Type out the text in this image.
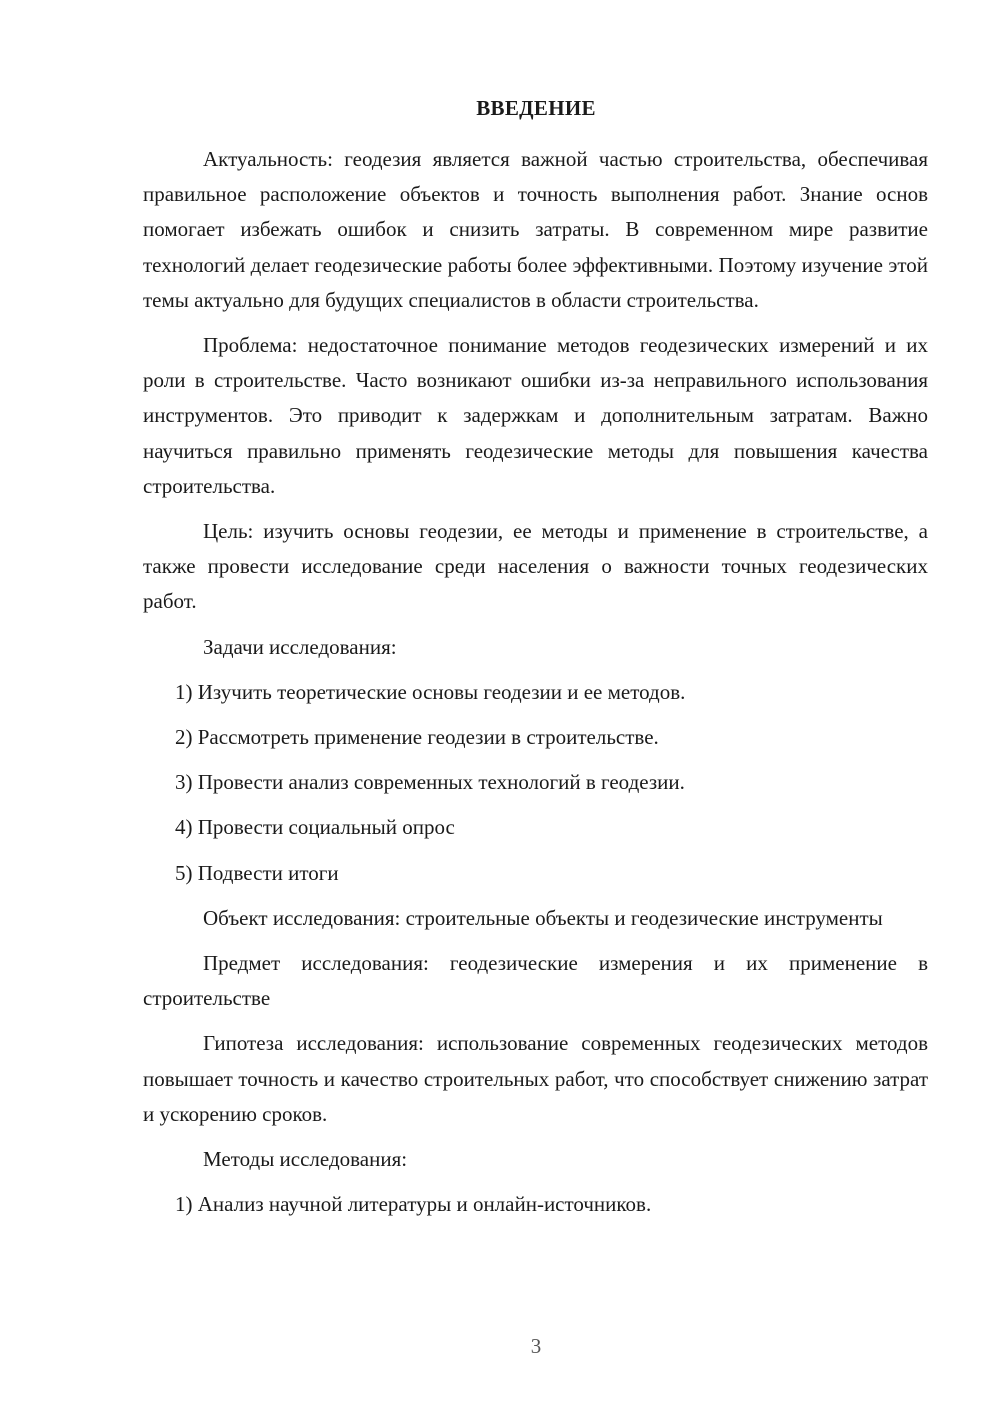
ВВЕДЕНИЕ

Актуальность: геодезия является важной частью строительства, обеспечивая правильное расположение объектов и точность выполнения работ. Знание основ помогает избежать ошибок и снизить затраты. В современном мире развитие технологий делает геодезические работы более эффективными. Поэтому изучение этой темы актуально для будущих специалистов в области строительства.

Проблема: недостаточное понимание методов геодезических измерений и их роли в строительстве. Часто возникают ошибки из-за неправильного использования инструментов. Это приводит к задержкам и дополнительным затратам. Важно научиться правильно применять геодезические методы для повышения качества строительства.

Цель: изучить основы геодезии, ее методы и применение в строительстве, а также провести исследование среди населения о важности точных геодезических работ.

Задачи исследования:

1) Изучить теоретические основы геодезии и ее методов.

2) Рассмотреть применение геодезии в строительстве.

3) Провести анализ современных технологий в геодезии.

4) Провести социальный опрос

5) Подвести итоги

Объект исследования: строительные объекты и геодезические инструменты

Предмет исследования: геодезические измерения и их применение в строительстве

Гипотеза исследования: использование современных геодезических методов повышает точность и качество строительных работ, что способствует снижению затрат и ускорению сроков.

Методы исследования:

1) Анализ научной литературы и онлайн-источников.

3
